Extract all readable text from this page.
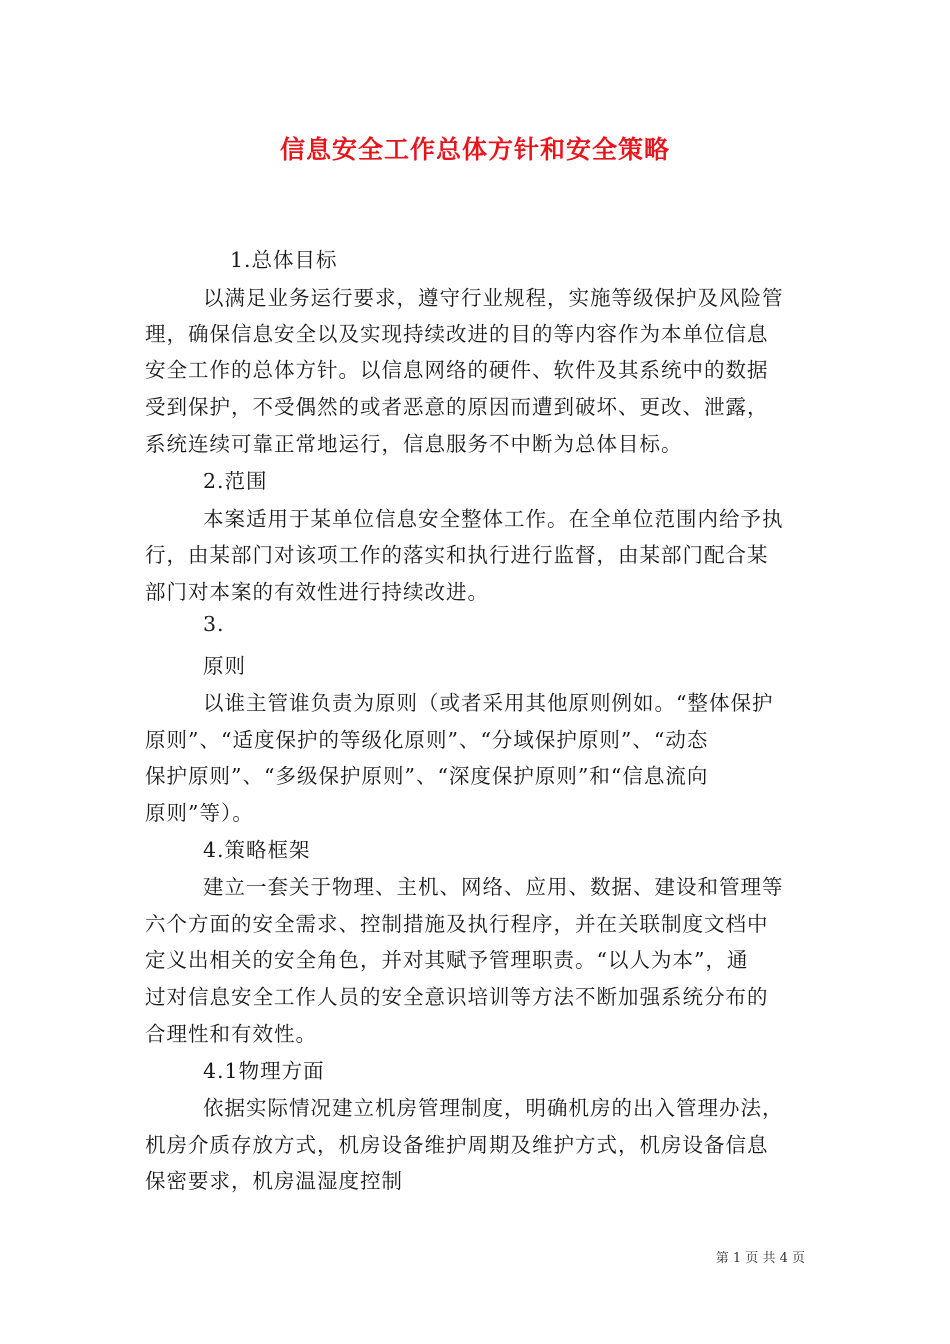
信息安全工作总体方针和安全策略
1.总体目标
以满足业务运行要求，遵守行业规程，实施等级保护及风险管
理，确保信息安全以及实现持续改进的目的等内容作为本单位信息
安全工作的总体方针。以信息网络的硬件、软件及其系统中的数据
受到保护，不受偶然的或者恶意的原因而遭到破坏、更改、泄露，
系统连续可靠正常地运行，信息服务不中断为总体目标。
2.范围
本案适用于某单位信息安全整体工作。在全单位范围内给予执
行，由某部门对该项工作的落实和执行进行监督，由某部门配合某
部门对本案的有效性进行持续改进。
3.
原则
以谁主管谁负责为原则（或者采用其他原则例如。“整体保护
原则”、“适度保护的等级化原则”、“分域保护原则”、“动态
保护原则”、“多级保护原则”、“深度保护原则”和“信息流向
原则”等）。
4.策略框架
建立一套关于物理、主机、网络、应用、数据、建设和管理等
六个方面的安全需求、控制措施及执行程序，并在关联制度文档中
定义出相关的安全角色，并对其赋予管理职责。“以人为本”，通
过对信息安全工作人员的安全意识培训等方法不断加强系统分布的
合理性和有效性。
4.1物理方面
依据实际情况建立机房管理制度，明确机房的出入管理办法，
机房介质存放方式，机房设备维护周期及维护方式，机房设备信息
保密要求，机房温湿度控制
第 1 页 共 4 页
